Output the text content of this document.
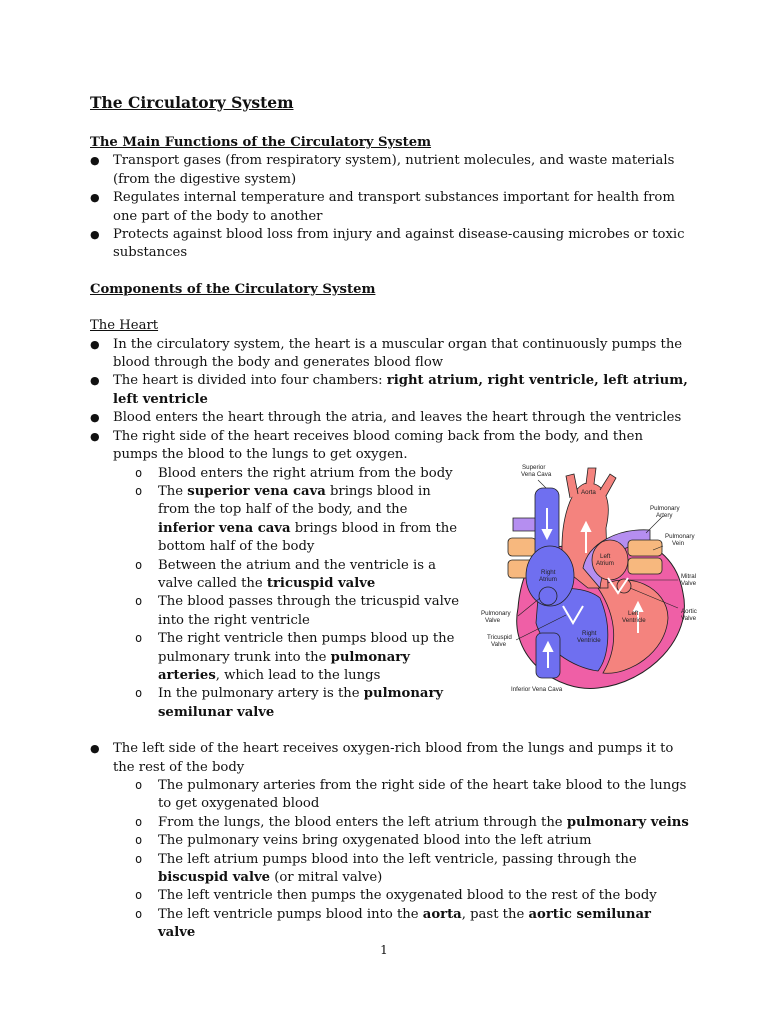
The Circulatory System
The Main Functions of the Circulatory System
● Transport gases (from respiratory system), nutrient molecules, and waste materials (from the digestive system)
● Regulates internal temperature and transport substances important for health from one part of the body to another
● Protects against blood loss from injury and against disease-causing microbes or toxic substances
Components of the Circulatory System
The Heart
● In the circulatory system, the heart is a muscular organ that continuously pumps the blood through the body and generates blood flow
● The heart is divided into four chambers: right atrium, right ventricle, left atrium, left ventricle
● Blood enters the heart through the atria, and leaves the heart through the ventricles
● The right side of the heart receives blood coming back from the body, and then pumps the blood to the lungs to get oxygen.
o Blood enters the right atrium from the body
o The superior vena cava brings blood in from the top half of the body, and the inferior vena cava brings blood in from the bottom half of the body
o Between the atrium and the ventricle is a valve called the tricuspid valve
o The blood passes through the tricuspid valve into the right ventricle
o The right ventricle then pumps blood up the pulmonary trunk into the pulmonary arteries, which lead to the lungs
o In the pulmonary artery is the pulmonary semilunar valve
● The left side of the heart receives oxygen-rich blood from the lungs and pumps it to the rest of the body
o The pulmonary arteries from the right side of the heart take blood to the lungs to get oxygenated blood
o From the lungs, the blood enters the left atrium through the pulmonary veins
o The pulmonary veins bring oxygenated blood into the left atrium
o The left atrium pumps blood into the left ventricle, passing through the biscuspid valve (or mitral valve)
o The left ventricle then pumps the oxygenated blood to the rest of the body
o The left ventricle pumps blood into the aorta, past the aortic semilunar valve
Superior
Vena Cava
Aorta
Pulmonary
Artery
Pulmonary
Vein
Left
Atrium
Right
Atrium	Mitral
Valve
Aortic
Valve
Pulmonary
Valve
Tricuspid
Valve
Left
Ventricle
Right
Ventricle
Inferior Vena Cava
1
